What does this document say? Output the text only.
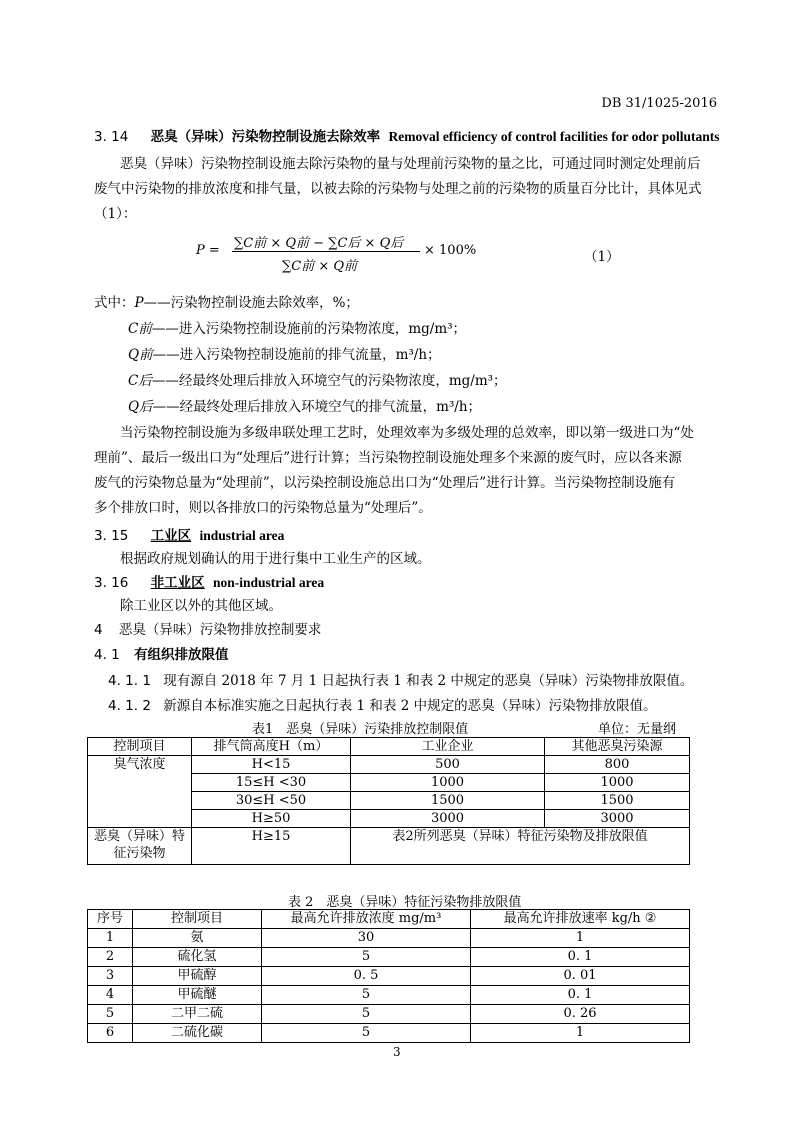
DB 31/1025-2016
3. 14 恶臭（异味）污染物控制设施去除效率 Removal efficiency of control facilities for odor pollutants
恶臭（异味）污染物控制设施去除污染物的量与处理前污染物的量之比，可通过同时测定处理前后
废气中污染物的排放浓度和排气量，以被去除的污染物与处理之前的污染物的质量百分比计，具体见式
（1）：
P = ∑C前 × Q前 − ∑C后 × Q后
∑C前 × Q前
× 100%	（1）
式中：P——污染物控制设施去除效率，%；
C前——进入污染物控制设施前的污染物浓度，mg/m³；
Q前——进入污染物控制设施前的排气流量，m³/h；
C后——经最终处理后排放入环境空气的污染物浓度，mg/m³；
Q后——经最终处理后排放入环境空气的排气流量，m³/h；
当污染物控制设施为多级串联处理工艺时，处理效率为多级处理的总效率，即以第一级进口为“处
理前”、最后一级出口为“处理后”进行计算；当污染物控制设施处理多个来源的废气时，应以各来源
废气的污染物总量为“处理前”，以污染控制设施总出口为“处理后”进行计算。当污染物控制设施有
多个排放口时，则以各排放口的污染物总量为“处理后”。
3. 15 工业区 industrial area
根据政府规划确认的用于进行集中工业生产的区域。
3. 16 非工业区 non-industrial area
除工业区以外的其他区域。
4 恶臭（异味）污染物排放控制要求
4. 1 有组织排放限值
4. 1. 1 现有源自 2018 年 7 月 1 日起执行表 1 和表 2 中规定的恶臭（异味）污染物排放限值。
4. 1. 2 新源自本标准实施之日起执行表 1 和表 2 中规定的恶臭（异味）污染物排放限值。
表1　恶臭（异味）污染排放控制限值	单位：无量纲
控制项目	排气筒高度H（m）	工业企业	其他恶臭污染源
臭气浓度	H<15	500	800
	15≤H <30	1000	1000
	30≤H <50	1500	1500
	H≥50	3000	3000

恶臭（异味）特
征污染物	H≥15	表2所列恶臭（异味）特征污染物及排放限值	
表 2　恶臭（异味）特征污染物排放限值
序号	控制项目	最高允许排放浓度 mg/m³	最高允许排放速率 kg/h ②
1	氨	30	1
2	硫化氢	5	0. 1
3	甲硫醇	0. 5	0. 01
4	甲硫醚	5	0. 1
5	二甲二硫	5	0. 26
6	二硫化碳	5	1
3
